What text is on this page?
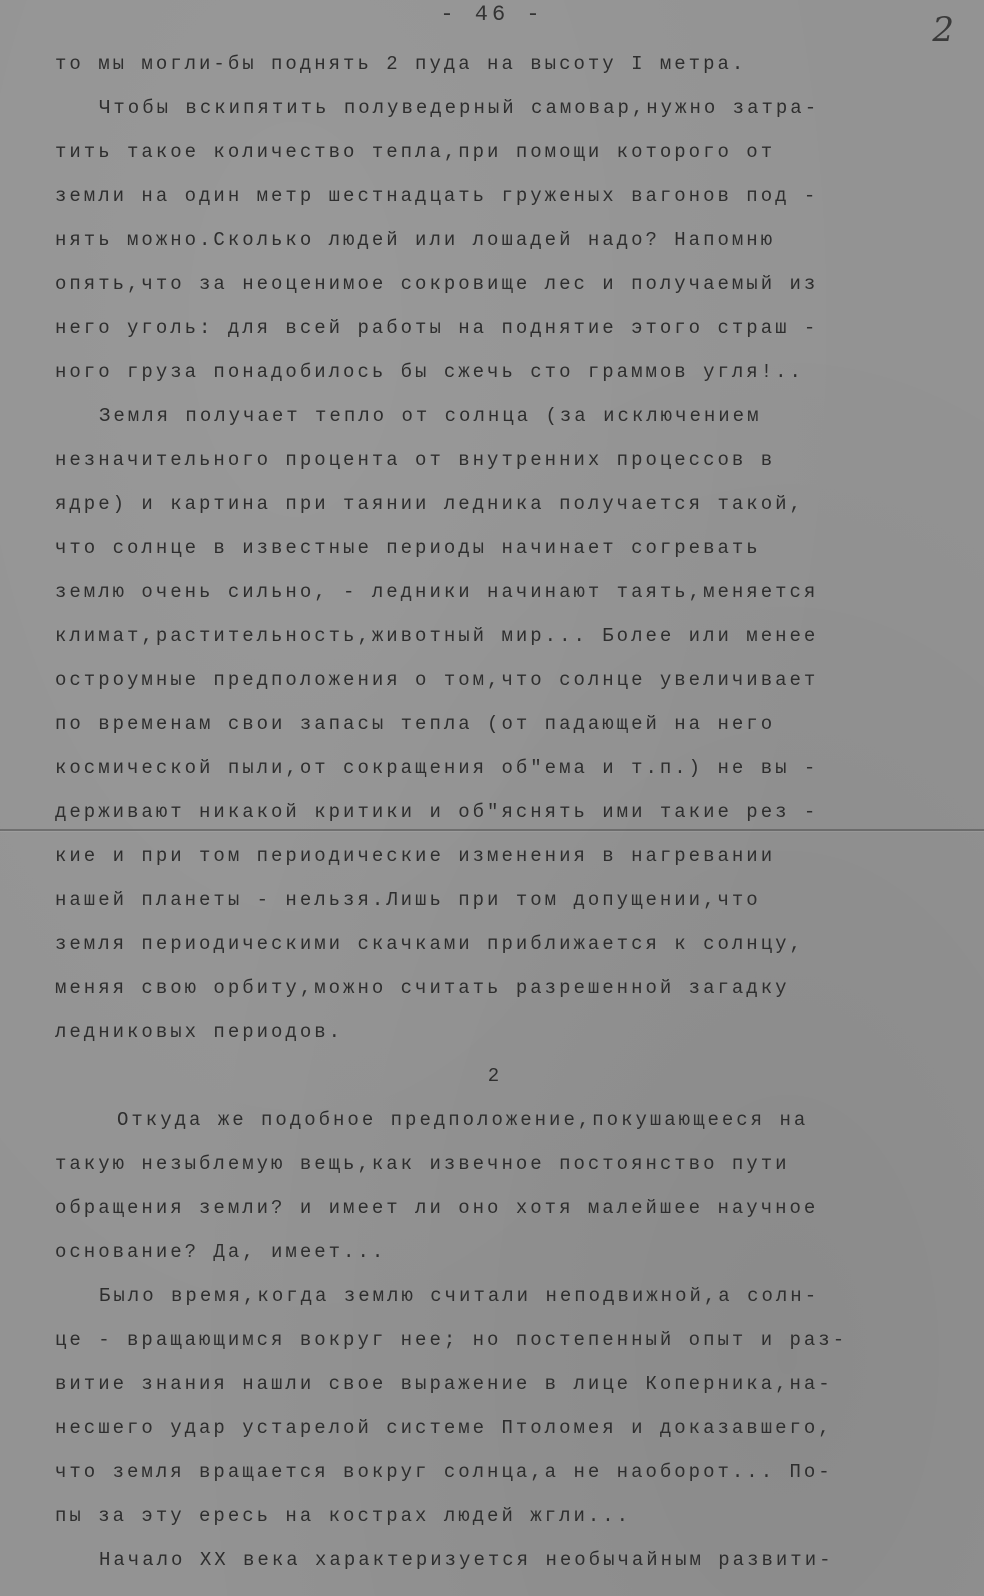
- 46 -	2
то мы могли-бы поднять 2 пуда на высоту I метра.
Чтобы вскипятить полуведерный самовар,нужно затра-
тить такое количество тепла,при помощи которого от
земли на один метр шестнадцать груженых вагонов под -
нять можно.Сколько людей или лошадей надо? Напомню
опять,что за неоценимое сокровище лес и получаемый из
него уголь: для всей работы на поднятие этого страш -
ного груза понадобилось бы сжечь сто граммов угля!..
Земля получает тепло от солнца (за исключением
незначительного процента от внутренних процессов в
ядре) и картина при таянии ледника получается такой,
что солнце в известные периоды начинает согревать
землю очень сильно, - ледники начинают таять,меняется
климат,растительность,животный мир... Более или менее
остроумные предположения о том,что солнце увеличивает
по временам свои запасы тепла (от падающей на него
космической пыли,от сокращения об"ема и т.п.) не вы -
держивают никакой критики и об"яснять ими такие рез -
кие и при том периодические изменения в нагревании
нашей планеты - нельзя.Лишь при том допущении,что
земля периодическими скачками приближается к солнцу,
меняя свою орбиту,можно считать разрешенной загадку
ледниковых периодов.
2
Откуда же подобное предположение,покушающееся на
такую незыблемую вещь,как извечное постоянство пути
обращения земли? и имеет ли оно хотя малейшее научное
основание? Да, имеет...
Было время,когда землю считали неподвижной,а солн-
це - вращающимся вокруг нее; но постепенный опыт и раз-
витие знания нашли свое выражение в лице Коперника,на-
несшего удар устарелой системе Птоломея и доказавшего,
что земля вращается вокруг солнца,а не наоборот... По-
пы за эту ересь на кострах людей жгли...
Начало XX века характеризуется необычайным развити-
